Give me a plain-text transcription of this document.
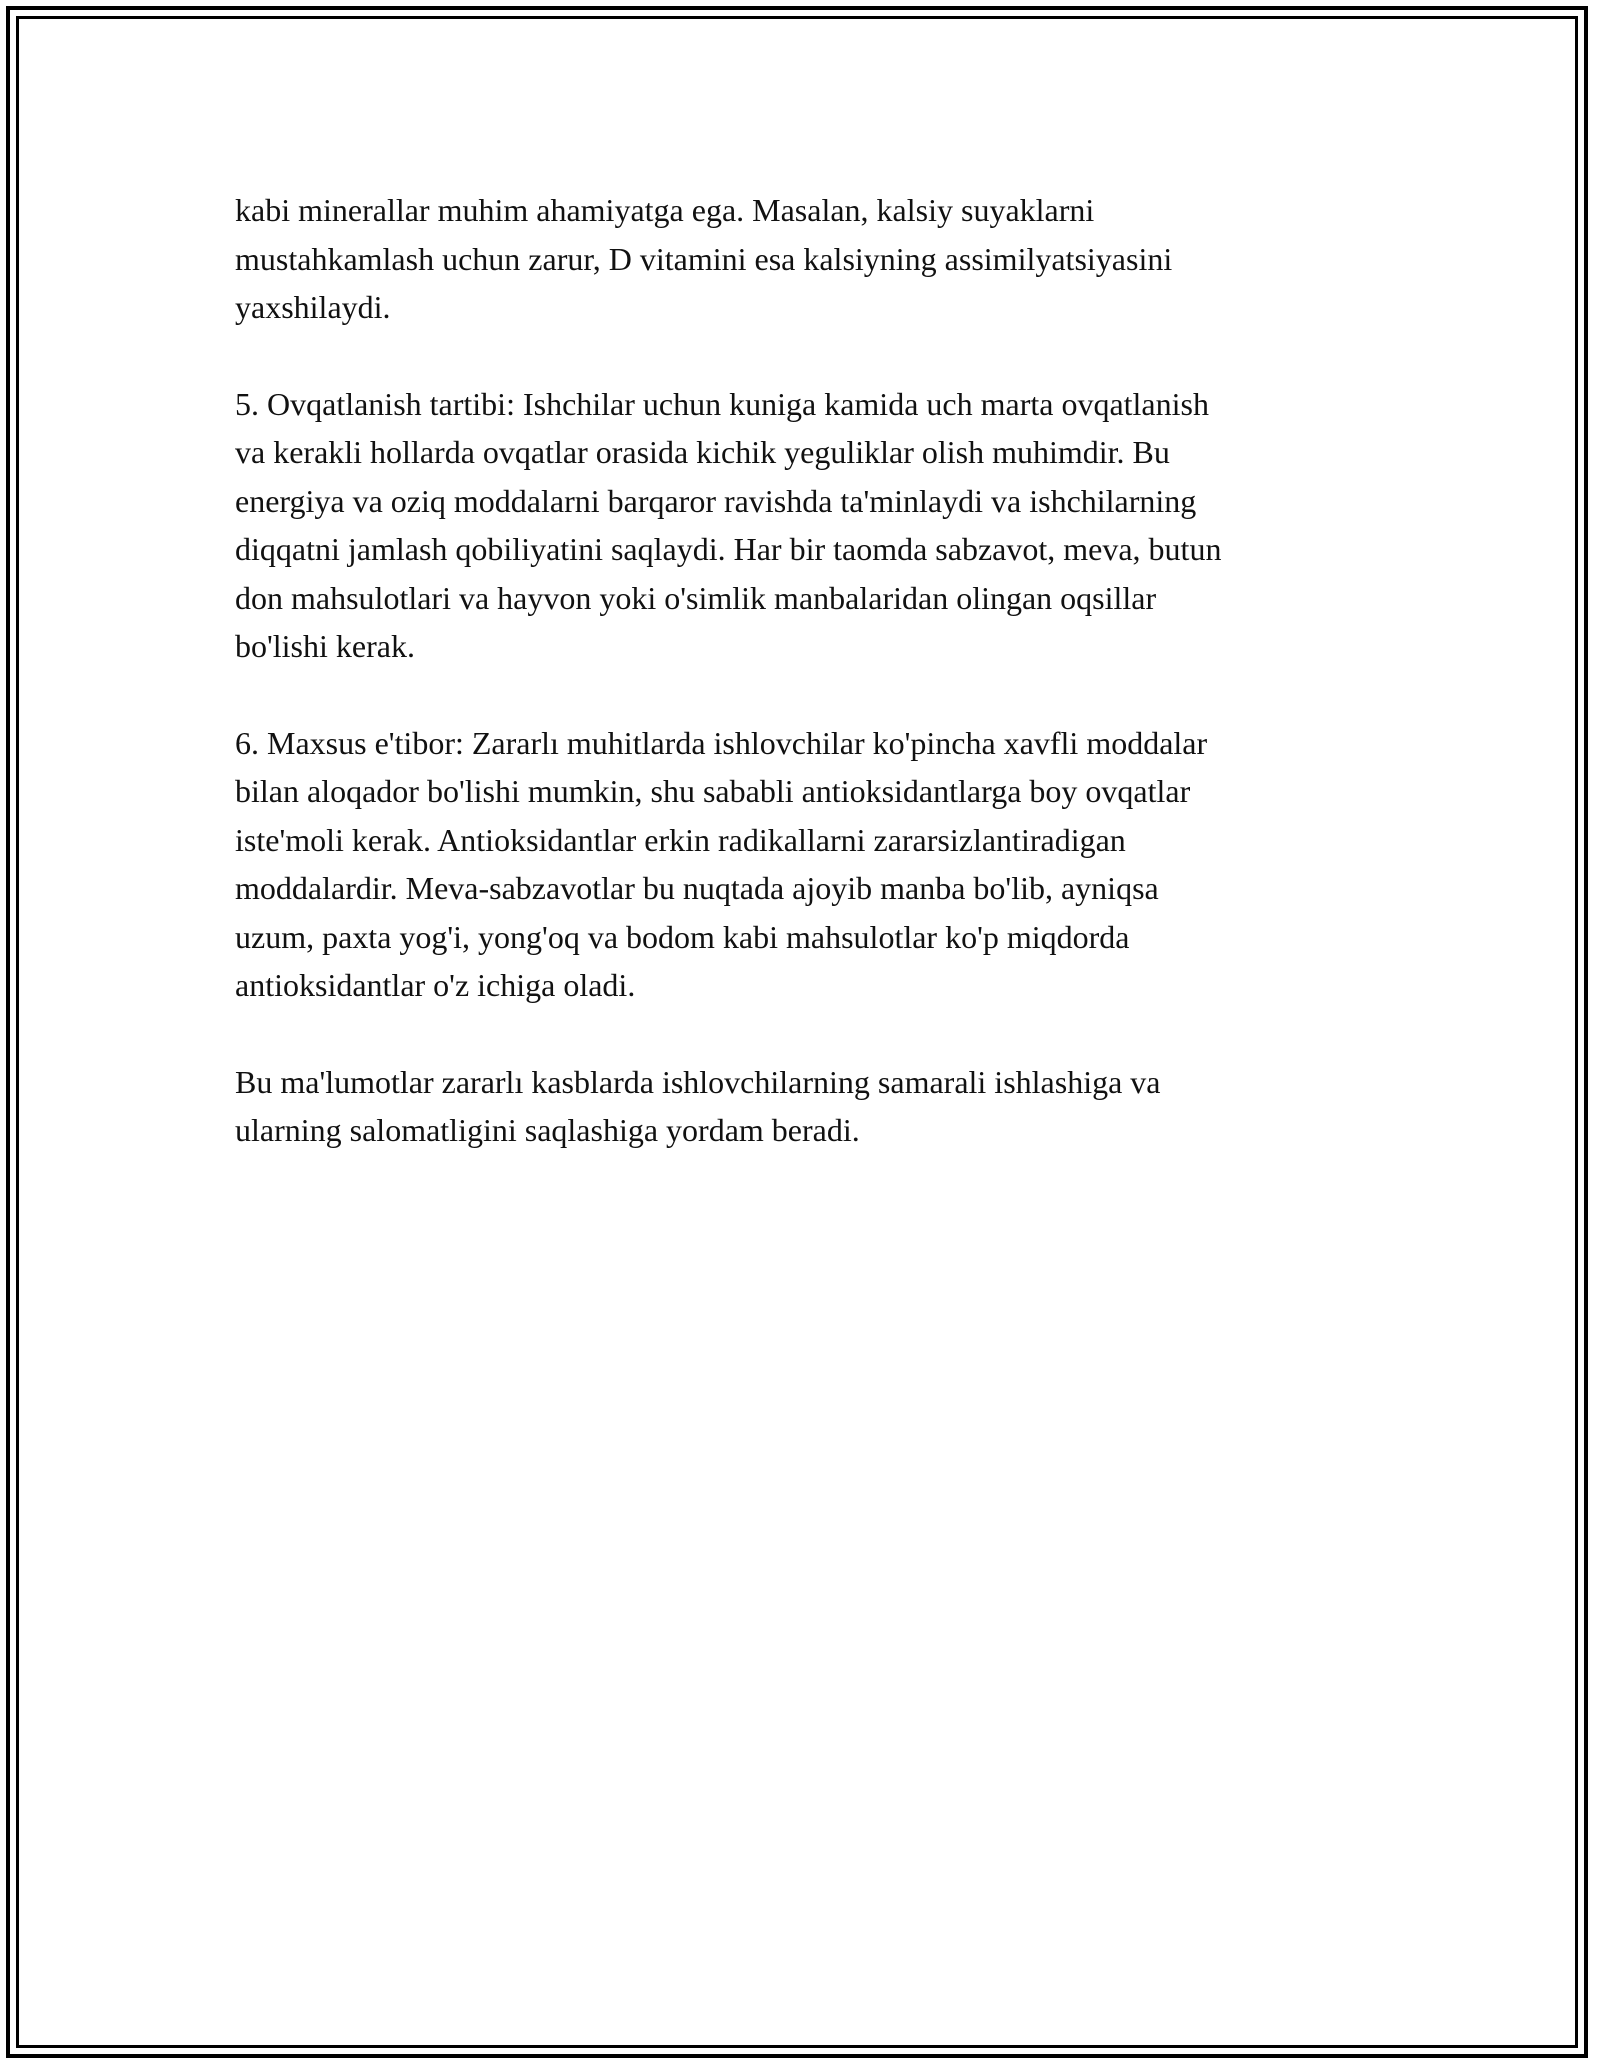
kabi minerallar muhim ahamiyatga ega. Masalan, kalsiy suyaklarni
mustahkamlash uchun zarur, D vitamini esa kalsiyning assimilyatsiyasini
yaxshilaydi.

5. Ovqatlanish tartibi: Ishchilar uchun kuniga kamida uch marta ovqatlanish
va kerakli hollarda ovqatlar orasida kichik yeguliklar olish muhimdir. Bu
energiya va oziq moddalarni barqaror ravishda ta'minlaydi va ishchilarning
diqqatni jamlash qobiliyatini saqlaydi. Har bir taomda sabzavot, meva, butun
don mahsulotlari va hayvon yoki o'simlik manbalaridan olingan oqsillar
bo'lishi kerak.

6. Maxsus e'tibor: Zararlı muhitlarda ishlovchilar ko'pincha xavfli moddalar
bilan aloqador bo'lishi mumkin, shu sababli antioksidantlarga boy ovqatlar
iste'moli kerak. Antioksidantlar erkin radikallarni zararsizlantiradigan
moddalardir. Meva-sabzavotlar bu nuqtada ajoyib manba bo'lib, ayniqsa
uzum, paxta yog'i, yong'oq va bodom kabi mahsulotlar ko'p miqdorda
antioksidantlar o'z ichiga oladi.

Bu ma'lumotlar zararlı kasblarda ishlovchilarning samarali ishlashiga va
ularning salomatligini saqlashiga yordam beradi.
